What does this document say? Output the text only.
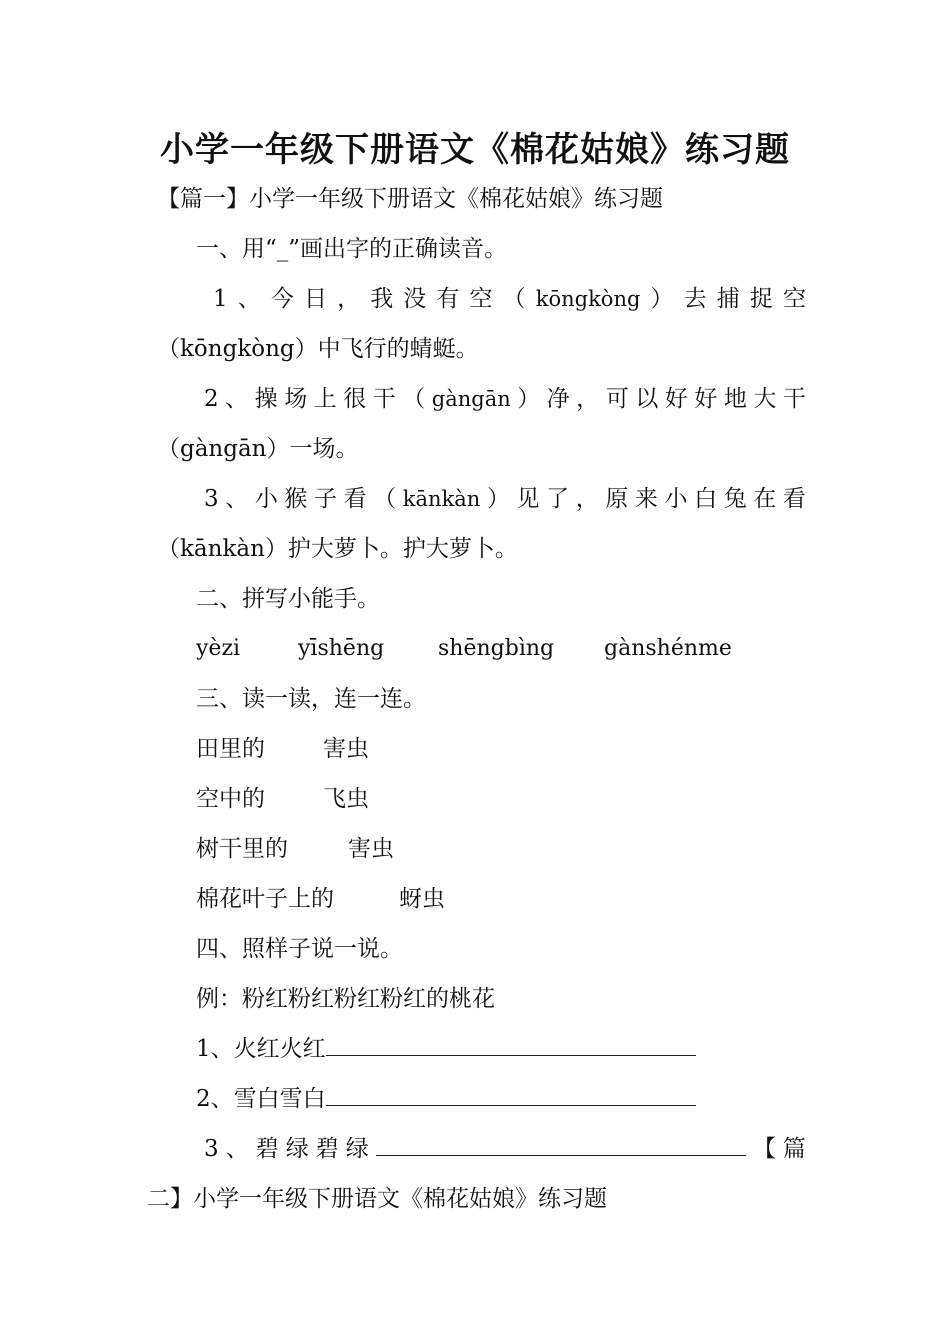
小学一年级下册语文《棉花姑娘》练习题
【篇一】小学一年级下册语文《棉花姑娘》练习题
一、用“_”画出字的正确读音。
1 、 今 日 ， 我 没 有 空 （ kōngkòng ） 去 捕 捉 空
（kōngkòng）中飞行的蜻蜓。
2 、 操 场 上 很 干 （ gàngān ） 净 ， 可 以 好 好 地 大 干
（gàngān）一场。
3 、 小 猴 子 看 （ kānkàn ） 见 了 ， 原 来 小 白 兔 在 看
（kānkàn）护大萝卜。护大萝卜。
二、拼写小能手。
yèzi	yīshēng shēngbìng gànshénme
三、读一读，连一连。
田里的	害虫
空中的	飞虫
树干里的	害虫
棉花叶子上的	蚜虫
四、照样子说一说。
例：粉红粉红粉红粉红的桃花
1、火红火红
2、雪白雪白
3 、 碧 绿 碧 绿	【 篇
二】小学一年级下册语文《棉花姑娘》练习题
